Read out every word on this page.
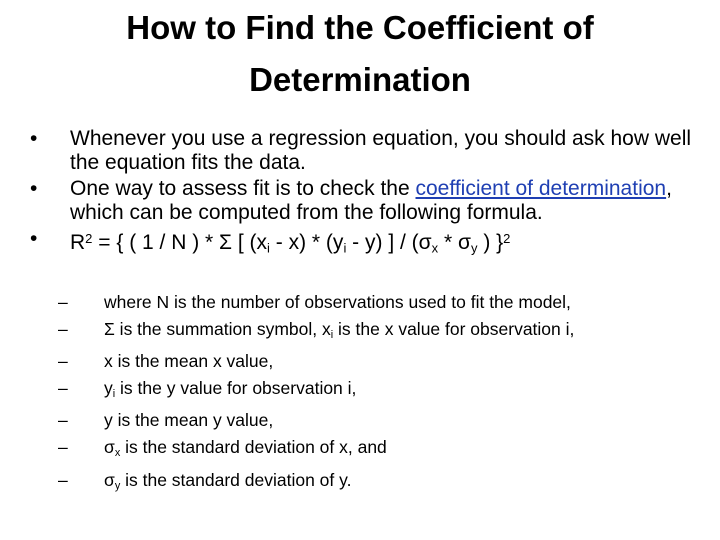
How to Find the Coefficient of
Determination
•	Whenever you use a regression equation, you should ask how well the equation fits the data.
•	One way to assess fit is to check the coefficient of determination, which can be computed from the following formula.
•	$R^2$ = { ( 1 / N ) * Σ [ $(x_i - x) * (y_i - y)$ ] / ($\sigma_x * \sigma_y$ ) }$^2$
– where N is the number of observations used to fit the model,
– Σ is the summation symbol, $x_i$ is the x value for observation i,
– x is the mean x value,
– $y_i$ is the y value for observation i,
– y is the mean y value,
– $\sigma_x$ is the standard deviation of x, and
– $\sigma_y$ is the standard deviation of y.
